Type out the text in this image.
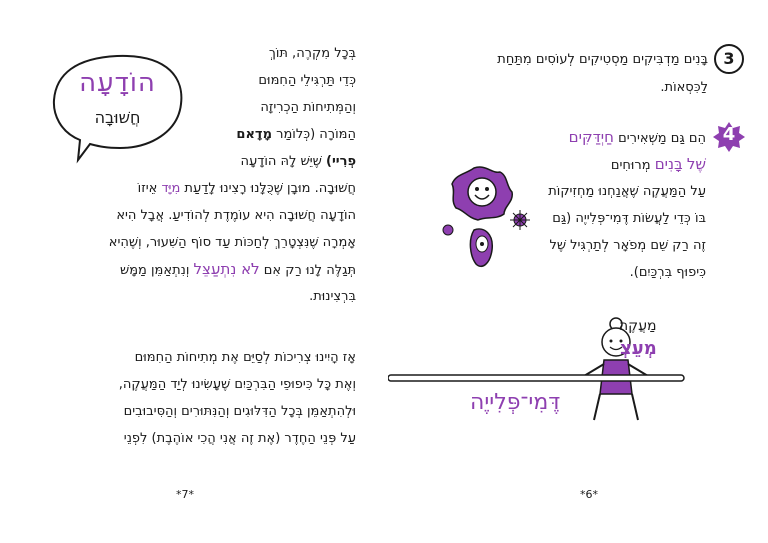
הוֹדָעָה
חֲשׁוּבָה
בְּכָל מִקְרֶה, תּוֹךְ
כְּדֵי תַּרְגִּילֵי הַחִמּוּם
וְהַמְּתִיחוֹת הַכְרִיזָה
הַמּוֹרָה (כְּלוֹמַר מָדָאם
פְרִיי) שֶׁיֵּשׁ לָהּ הוֹדָעָה
חֲשׁוּבָה. מוּבָן שֶׁכֻּלָּנוּ רָצִינוּ לָדַעַת מִיָּד אֵיזוֹ
הוֹדָעָה חֲשׁוּבָה הִיא עוֹמֶדֶת לְהוֹדִיעַ. אֲבָל הִיא
אָמְרָה שֶׁנִּצְטָרֵךְ לְחַכּוֹת עַד סוֹף הַשִּׁעוּר, וְשֶׁהִיא
תְּגַלֶּה לָנוּ רַק אִם לֹא נִתְעַצֵּל וְנִתְאַמֵּן מַמָּשׁ
בִּרְצִינוּת.
אָז הָיִינוּ צְרִיכוֹת לְסַיֵּם אֶת מְתִיחוֹת הַחִמּוּם
וְאֶת כָּל כִּיפוּפֵי הַבִּרְכַּיִם שֶׁעָשִׂינוּ לְיַד הַמַּעֲקֶה,
וּלְהִתְאַמֵּן בְּכָל הַדִּלּוּגִים וְהַנִּתּוּרִים וְהַסִּיבוּבִים
עַל פְּנֵי הַחֶדֶר (אֶת זֶה אֲנִי הֲכִי אוֹהֶבֶת) לִפְנֵי
*7*
3
בָּנִים מַדְבִּיקִים מַסְטִיקִים לְעוֹסִים מִתַּחַת
לַכִּסְאוֹת.
4
הֵם גַּם מַשְׁאִירִים חַיְדַּקִּים
שֶׁל בָּנִים מְרוּחִים
עַל הַמַּעֲקֶה שֶׁאֲנַחְנוּ מַחְזִיקוֹת
בּוֹ כְּדֵי לַעֲשׂוֹת דֶּמִי־פְּלִייֶה (גַּם
זֶה רַק שֵׁם מְפֹאָר לְתַרְגִּיל שֶׁל
כִּיפוּף בִּרְכַּיִם).
מַעֲקֶה
מְעֵצְ
דֶּמִי־פְּלִייֶה
*6*
